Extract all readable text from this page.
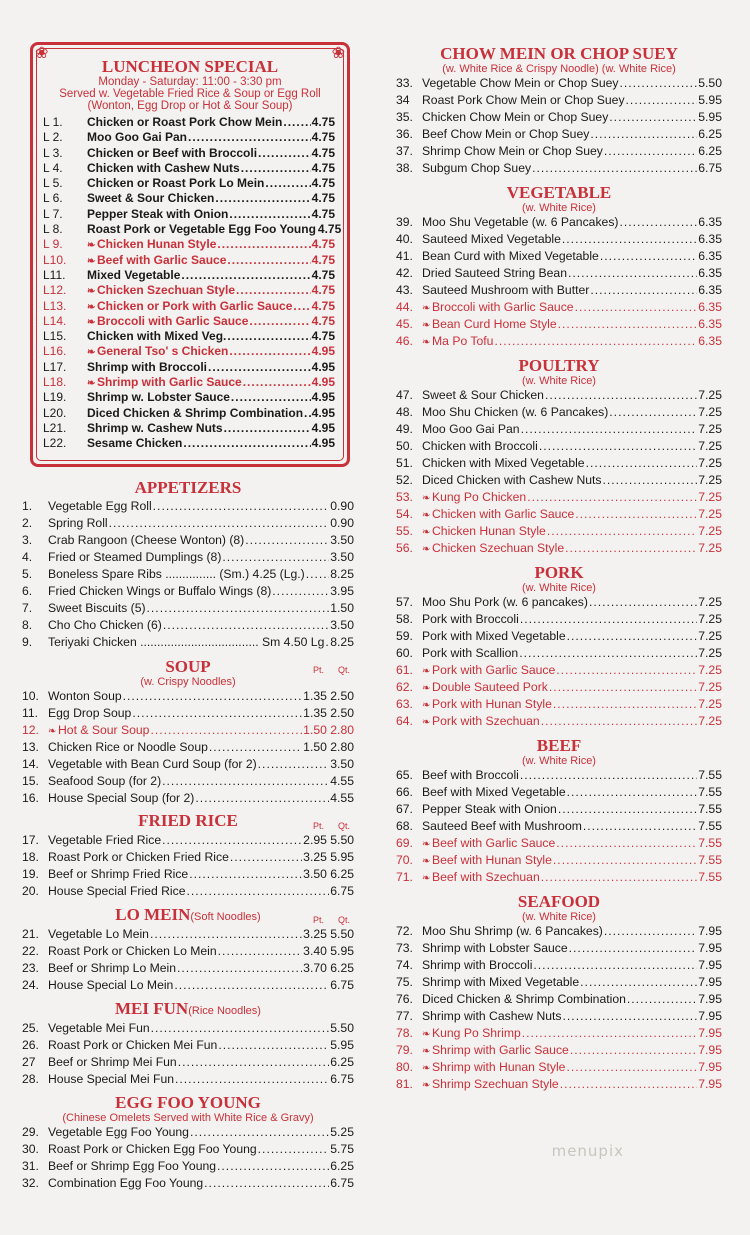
❀	❀
LUNCHEON SPECIAL
Monday - Saturday: 11:00 - 3:30 pm
Served w. Vegetable Fried Rice & Soup or Egg Roll
(Wonton, Egg Drop or Hot & Sour Soup)
L 1.	Chicken or Roast Pork Chow Mein ..... 4.75
L 2.	Moo Goo Gai Pan .....	4.75
L 3.	Chicken or Beef with Broccoli .....	4.75
L 4.	Chicken with Cashew Nuts .....	4.75
L 5.	Chicken or Roast Pork Lo Mein .....	4.75
L 6.	Sweet & Sour Chicken .....	4.75
L 7.	Pepper Steak with Onion .....	4.75
L 8.	Roast Pork or Vegetable Egg Foo Young 4.75
L 9.	❧ Chicken Hunan Style .....	4.75
L10.	❧ Beef with Garlic Sauce .....	4.75
L11.	Mixed Vegetable .....	4.75
L12.	❧ Chicken Szechuan Style .....	4.75
L13.	❧ Chicken or Pork with Garlic Sauce ..... 4.75
L14.	❧ Broccoli with Garlic Sauce .....	4.75
L15.	Chicken with Mixed Veg. .....	4.75
L16.	❧ General Tso' s Chicken .....	4.95
L17.	Shrimp with Broccoli .....	4.95
L18.	❧ Shrimp with Garlic Sauce .....	4.95
L19.	Shrimp w. Lobster Sauce .....	4.95
L20.	Diced Chicken & Shrimp Combination ..... 4.95
L21.	Shrimp w. Cashew Nuts .....	4.95
L22.	Sesame Chicken .....	4.95
APPETIZERS
1.	Vegetable Egg Roll .....	0.90
2.	Spring Roll .....	0.90
3.	Crab Rangoon (Cheese Wonton) (8) .....	3.50
4.	Fried or Steamed Dumplings (8) .....	3.50
5.	Boneless Spare Ribs ............... (Sm.) 4.25 (Lg.) ..... 8.25
6.	Fried Chicken Wings or Buffalo Wings (8) .....	3.95
7.	Sweet Biscuits (5) .....	1.50
8.	Cho Cho Chicken (6) .....	3.50
9.	Teriyaki Chicken ................................... Sm 4.50 Lg ..... 8.25
SOUP
(w. Crispy Noodles)
Pt. Qt.
10. Wonton Soup .....	1.35 2.50
11. Egg Drop Soup .....	1.35 2.50
12. ❧ Hot & Sour Soup .....	1.50 2.80
13. Chicken Rice or Noodle Soup .....	1.50 2.80
14. Vegetable with Bean Curd Soup (for 2) .....	3.50
15. Seafood Soup (for 2) .....	4.55
16. House Special Soup (for 2) .....	4.55
FRIED RICE	Pt. Qt.
17. Vegetable Fried Rice .....	2.95 5.50
18. Roast Pork or Chicken Fried Rice .....	3.25 5.95
19. Beef or Shrimp Fried Rice .....	3.50 6.25
20. House Special Fried Rice .....	6.75
LO MEIN(Soft Noodles)	Pt. Qt.
21. Vegetable Lo Mein .....	3.25 5.50
22. Roast Pork or Chicken Lo Mein .....	3.40 5.95
23. Beef or Shrimp Lo Mein .....	3.70 6.25
24. House Special Lo Mein .....	6.75
MEI FUN(Rice Noodles)
25. Vegetable Mei Fun .....	5.50
26. Roast Pork or Chicken Mei Fun .....	5.95
27	Beef or Shrimp Mei Fun .....	6.25
28. House Special Mei Fun .....	6.75
EGG FOO YOUNG
(Chinese Omelets Served with White Rice & Gravy)
29. Vegetable Egg Foo Young .....	5.25
30. Roast Pork or Chicken Egg Foo Young .....	5.75
31. Beef or Shrimp Egg Foo Young .....	6.25
32. Combination Egg Foo Young .....	6.75
CHOW MEIN OR CHOP SUEY
(w. White Rice & Crispy Noodle) (w. White Rice)
33. Vegetable Chow Mein or Chop Suey .....	5.50
34	Roast Pork Chow Mein or Chop Suey .....	5.95
35. Chicken Chow Mein or Chop Suey .....	5.95
36. Beef Chow Mein or Chop Suey .....	6.25
37. Shrimp Chow Mein or Chop Suey .....	6.25
38. Subgum Chop Suey .....	6.75
VEGETABLE
(w. White Rice)
39. Moo Shu Vegetable (w. 6 Pancakes) .....	6.35
40. Sauteed Mixed Vegetable .....	6.35
41. Bean Curd with Mixed Vegetable .....	6.35
42. Dried Sauteed String Bean .....	6.35
43. Sauteed Mushroom with Butter .....	6.35
44. ❧ Broccoli with Garlic Sauce .....	6.35
45. ❧ Bean Curd Home Style .....	6.35
46. ❧ Ma Po Tofu .....	6.35
POULTRY
(w. White Rice)
47. Sweet & Sour Chicken .....	7.25
48. Moo Shu Chicken (w. 6 Pancakes) .....	7.25
49. Moo Goo Gai Pan .....	7.25
50. Chicken with Broccoli .....	7.25
51. Chicken with Mixed Vegetable .....	7.25
52. Diced Chicken with Cashew Nuts .....	7.25
53. ❧ Kung Po Chicken .....	7.25
54. ❧ Chicken with Garlic Sauce .....	7.25
55. ❧ Chicken Hunan Style .....	7.25
56. ❧ Chicken Szechuan Style .....	7.25
PORK
(w. White Rice)
57. Moo Shu Pork (w. 6 pancakes) .....	7.25
58. Pork with Broccoli .....	7.25
59. Pork with Mixed Vegetable .....	7.25
60. Pork with Scallion .....	7.25
61. ❧ Pork with Garlic Sauce .....	7.25
62. ❧ Double Sauteed Pork .....	7.25
63. ❧ Pork with Hunan Style .....	7.25
64. ❧ Pork with Szechuan .....	7.25
BEEF
(w. White Rice)
65. Beef with Broccoli .....	7.55
66. Beef with Mixed Vegetable .....	7.55
67. Pepper Steak with Onion .....	7.55
68. Sauteed Beef with Mushroom .....	7.55
69. ❧ Beef with Garlic Sauce .....	7.55
70. ❧ Beef with Hunan Style .....	7.55
71. ❧ Beef with Szechuan .....	7.55
SEAFOOD
(w. White Rice)
72. Moo Shu Shrimp (w. 6 Pancakes) .....	7.95
73. Shrimp with Lobster Sauce .....	7.95
74. Shrimp with Broccoli .....	7.95
75. Shrimp with Mixed Vegetable .....	7.95
76. Diced Chicken & Shrimp Combination .....	7.95
77. Shrimp with Cashew Nuts .....	7.95
78. ❧ Kung Po Shrimp .....	7.95
79. ❧ Shrimp with Garlic Sauce .....	7.95
80. ❧ Shrimp with Hunan Style .....	7.95
81. ❧ Shrimp Szechuan Style .....	7.95
menupix
